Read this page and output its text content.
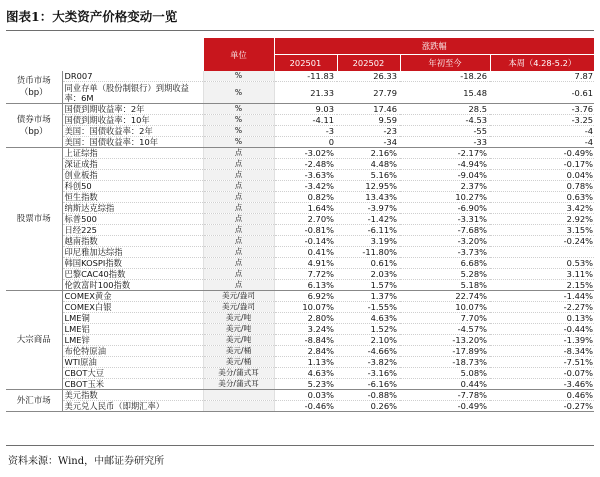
图表1：大类资产价格变动一览
		单位	涨跌幅			
			202501	202502	年初至今	本周（4.28-5.2）
货币市场
（bp）	DR007	%	-11.83	26.33	-18.26	7.87
	同业存单（股份制银行）到期收益率：6M	%	21.33	27.79	15.48	-0.61
债券市场
（bp）	国债到期收益率：2年	%	9.03	17.46	28.5	-3.76
	国债到期收益率：10年	%	-4.11	9.59	-4.53	-3.25
	美国：国债收益率：2年	%	-3	-23	-55	-4
	美国：国债收益率：10年	%	0	-34	-33	-4
股票市场	上证综指	点	-3.02%	2.16%	-2.17%	-0.49%
	深证成指	点	-2.48%	4.48%	-4.94%	-0.17%
	创业板指	点	-3.63%	5.16%	-9.04%	0.04%
	科创50	点	-3.42%	12.95%	2.37%	0.78%
	恒生指数	点	0.82%	13.43%	10.27%	0.63%
	纳斯达克综指	点	1.64%	-3.97%	-6.90%	3.42%
	标普500	点	2.70%	-1.42%	-3.31%	2.92%
	日经225	点	-0.81%	-6.11%	-7.68%	3.15%
	越南指数	点	-0.14%	3.19%	-3.20%	-0.24%
	印尼雅加达综指	点	0.41%	-11.80%	-3.73%	
	韩国KOSPI指数	点	4.91%	0.61%	6.68%	0.53%
	巴黎CAC40指数	点	7.72%	2.03%	5.28%	3.11%
	伦敦富时100指数	点	6.13%	1.57%	5.18%	2.15%
大宗商品	COMEX黄金	美元/盎司	6.92%	1.37%	22.74%	-1.44%
	COMEX白银	美元/盎司	10.07%	-1.55%	10.07%	-2.27%
	LME铜	美元/吨	2.80%	4.63%	7.70%	0.13%
	LME铝	美元/吨	3.24%	1.52%	-4.57%	-0.44%
	LME锌	美元/吨	-8.84%	2.10%	-13.20%	-1.39%
	布伦特原油	美元/桶	2.84%	-4.66%	-17.89%	-8.34%
	WTI原油	美元/桶	1.13%	-3.82%	-18.73%	-7.51%
	CBOT大豆	美分/蒲式耳	4.63%	-3.16%	5.08%	-0.07%
	CBOT玉米	美分/蒲式耳	5.23%	-6.16%	0.44%	-3.46%
外汇市场	美元指数		0.03%	-0.88%	-7.78%	0.46%
	美元兑人民币（即期汇率）		-0.46%	0.26%	-0.49%	-0.27%
资料来源：Wind，中邮证券研究所
